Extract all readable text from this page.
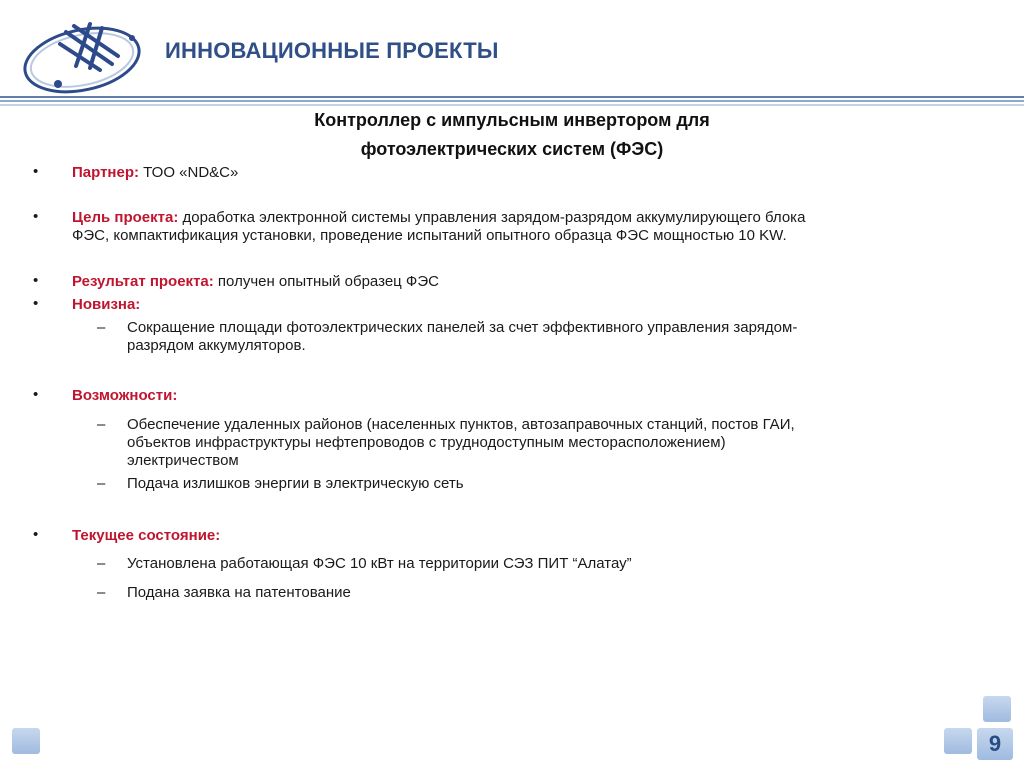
ИННОВАЦИОННЫЕ ПРОЕКТЫ
Контроллер с импульсным инвертором для
фотоэлектрических систем (ФЭС)
• Партнер: ТОО «ND&C»
• Цель проекта: доработка электронной системы управления зарядом-разрядом аккумулирующего блока
ФЭС, компактификация установки, проведение испытаний опытного образца ФЭС мощностью 10 KW.
• Результат проекта: получен опытный образец ФЭС
• Новизна:
– Сокращение площади фотоэлектрических панелей за счет эффективного управления зарядом-
разрядом аккумуляторов.
• Возможности:
– Обеспечение удаленных районов (населенных пунктов, автозаправочных станций, постов ГАИ,
объектов инфраструктуры нефтепроводов с труднодоступным месторасположением)
электричеством
– Подача излишков энергии в электрическую сеть
• Текущее состояние:
– Установлена работающая ФЭС 10 кВт на территории СЭЗ ПИТ “Алатау”
– Подана заявка на патентование
9
